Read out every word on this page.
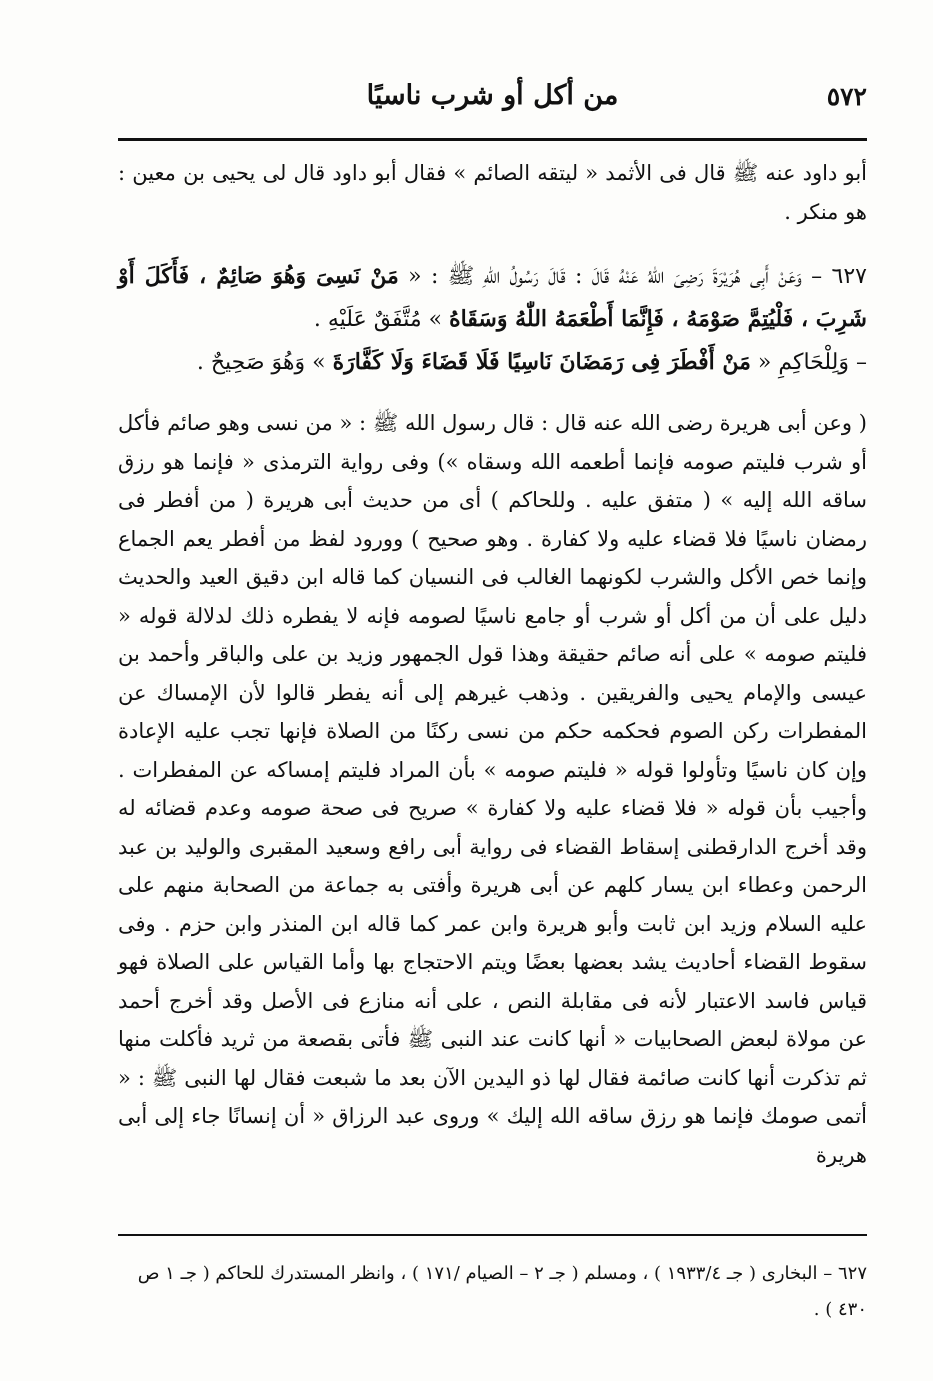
٥٧٢
من أكل أو شرب ناسيًا

أبو داود عنه ﷺ قال فى الأثمد « ليتقه الصائم » فقال أبو داود قال لى يحيى بن معين : هو منكر .

٦٢٧ – وَعَنْ أَبِى هُرَيْرَةَ رَضِىَ اللّٰهُ عَنْهُ قَالَ : قَالَ رَسُولُ اللّٰهِ ﷺ : « مَنْ نَسِىَ وَهُوَ صَائِمٌ ، فَأَكَلَ أَوْ شَرِبَ ، فَلْيُتِمَّ صَوْمَهُ ، فَإِنَّمَا أَطْعَمَهُ اللّٰهُ وَسَقَاهُ » مُتَّفَقٌ عَلَيْهِ .
– وَلِلْحَاكِمِ « مَنْ أَفْطَرَ فِى رَمَضَانَ نَاسِيًا فَلَا قَضَاءَ وَلَا كَفَّارَةَ » وَهُوَ صَحِيحٌ .

( وعن أبى هريرة رضى الله عنه قال : قال رسول الله ﷺ : « من نسى وهو صائم فأكل أو شرب فليتم صومه فإنما أطعمه الله وسقاه ») وفى رواية الترمذى « فإنما هو رزق ساقه الله إليه » ( متفق عليه . وللحاكم ) أى من حديث أبى هريرة ( من أفطر فى رمضان ناسيًا فلا قضاء عليه ولا كفارة . وهو صحيح ) وورود لفظ من أفطر يعم الجماع وإنما خص الأكل والشرب لكونهما الغالب فى النسيان كما قاله ابن دقيق العيد والحديث دليل على أن من أكل أو شرب أو جامع ناسيًا لصومه فإنه لا يفطره ذلك لدلالة قوله « فليتم صومه » على أنه صائم حقيقة وهذا قول الجمهور وزيد بن على والباقر وأحمد بن عيسى والإمام يحيى والفريقين . وذهب غيرهم إلى أنه يفطر قالوا لأن الإمساك عن المفطرات ركن الصوم فحكمه حكم من نسى ركنًا من الصلاة فإنها تجب عليه الإعادة وإن كان ناسيًا وتأولوا قوله « فليتم صومه » بأن المراد فليتم إمساكه عن المفطرات . وأجيب بأن قوله « فلا قضاء عليه ولا كفارة » صريح فى صحة صومه وعدم قضائه له وقد أخرج الدارقطنى إسقاط القضاء فى رواية أبى رافع وسعيد المقبرى والوليد بن عبد الرحمن وعطاء ابن يسار كلهم عن أبى هريرة وأفتى به جماعة من الصحابة منهم على عليه السلام وزيد ابن ثابت وأبو هريرة وابن عمر كما قاله ابن المنذر وابن حزم . وفى سقوط القضاء أحاديث يشد بعضها بعضًا ويتم الاحتجاج بها وأما القياس على الصلاة فهو قياس فاسد الاعتبار لأنه فى مقابلة النص ، على أنه منازع فى الأصل وقد أخرج أحمد عن مولاة لبعض الصحابيات « أنها كانت عند النبى ﷺ فأتى بقصعة من ثريد فأكلت منها ثم تذكرت أنها كانت صائمة فقال لها ذو اليدين الآن بعد ما شبعت فقال لها النبى ﷺ : « أتمى صومك فإنما هو رزق ساقه الله إليك » وروى عبد الرزاق « أن إنسانًا جاء إلى أبى هريرة

٦٢٧ – البخارى ( جـ ١٩٣٣/٤ ) ، ومسلم ( جـ ٢ – الصيام /١٧١ ) ، وانظر المستدرك للحاكم ( جـ ١ ص ٤٣٠ ) .
